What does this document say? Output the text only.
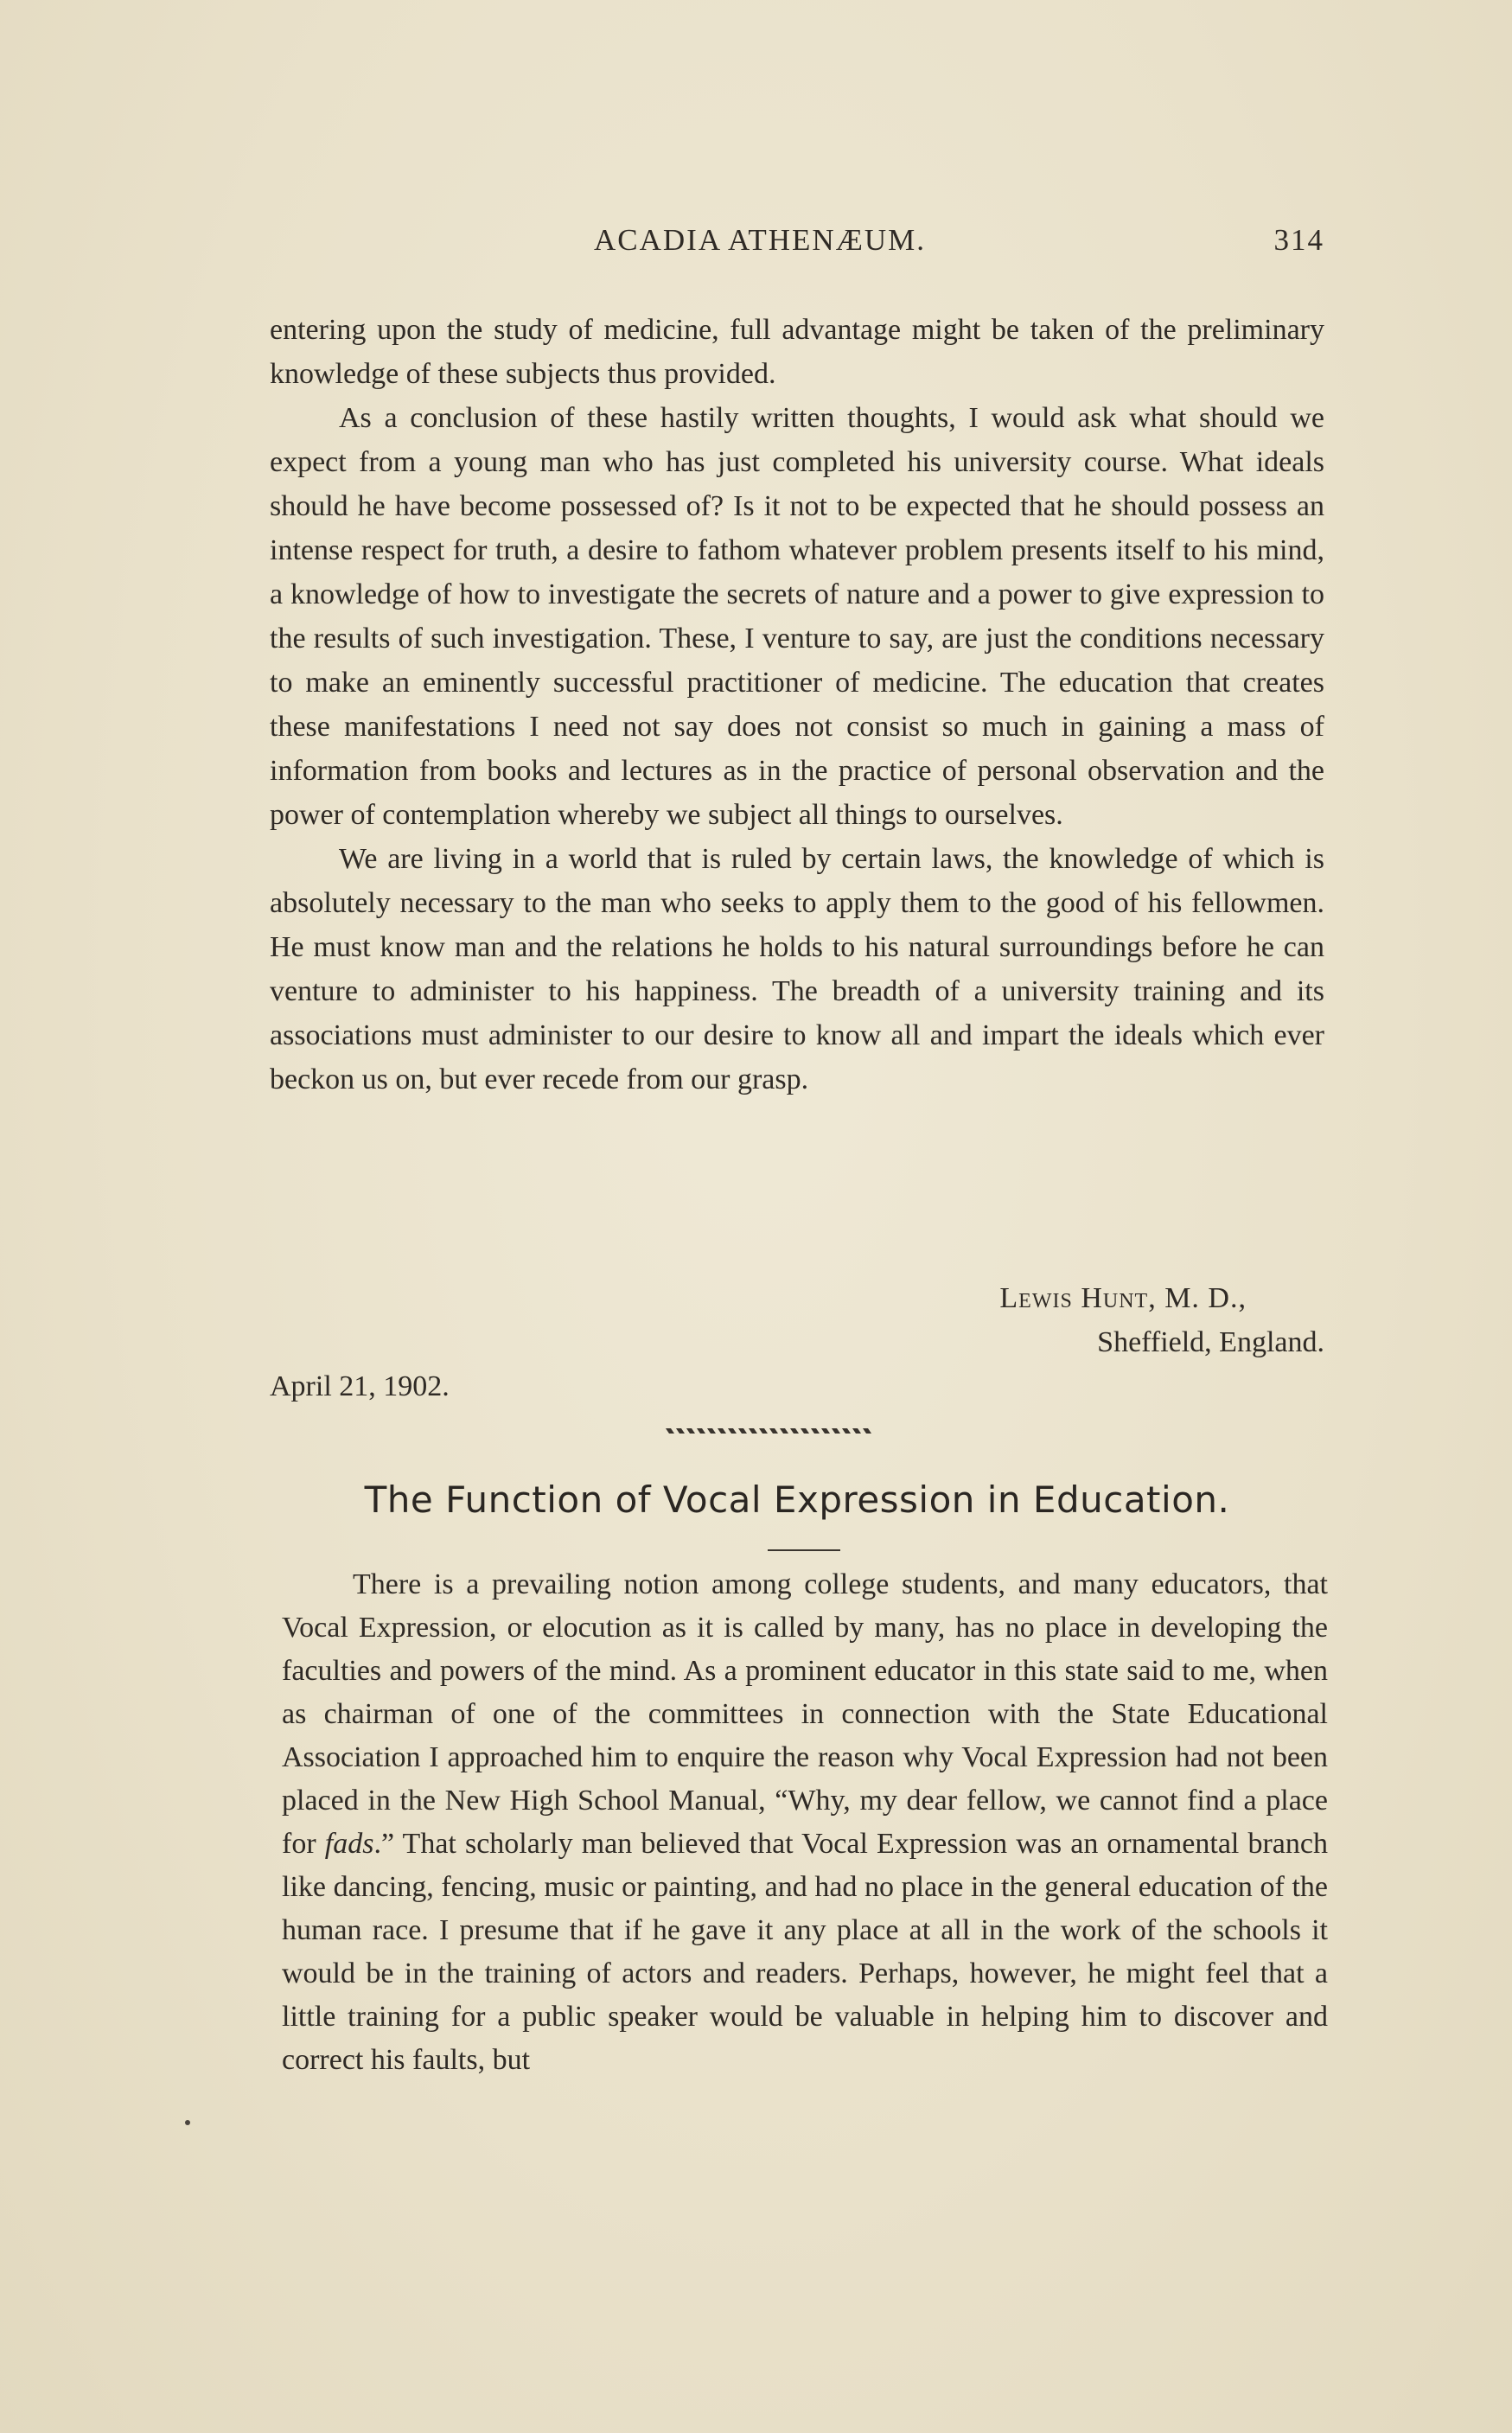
ACADIA ATHENÆUM.	314

entering upon the study of medicine, full advantage might be taken of the preliminary knowledge of these subjects thus provided.

As a conclusion of these hastily written thoughts, I would ask what should we expect from a young man who has just completed his university course. What ideals should he have become possessed of? Is it not to be expected that he should possess an intense respect for truth, a desire to fathom whatever problem presents itself to his mind, a knowledge of how to investigate the secrets of nature and a power to give expression to the results of such investigation. These, I venture to say, are just the conditions necessary to make an eminently successful practitioner of medicine. The education that creates these manifestations I need not say does not consist so much in gaining a mass of information from books and lectures as in the practice of personal observation and the power of contemplation whereby we subject all things to ourselves.

We are living in a world that is ruled by certain laws, the knowledge of which is absolutely necessary to the man who seeks to apply them to the good of his fellowmen. He must know man and the relations he holds to his natural surroundings before he can venture to administer to his happiness. The breadth of a university training and its associations must administer to our desire to know all and impart the ideals which ever beckon us on, but ever recede from our grasp.

Lewis Hunt, M. D.,
Sheffield, England.
April 21, 1902.
The Function of Vocal Expression in Education.

There is a prevailing notion among college students, and many educators, that Vocal Expression, or elocution as it is called by many, has no place in developing the faculties and powers of the mind. As a prominent educator in this state said to me, when as chairman of one of the committees in connection with the State Educational Association I approached him to enquire the reason why Vocal Expression had not been placed in the New High School Manual, “Why, my dear fellow, we cannot find a place for fads.” That scholarly man believed that Vocal Expression was an ornamental branch like dancing, fencing, music or painting, and had no place in the general education of the human race. I presume that if he gave it any place at all in the work of the schools it would be in the training of actors and readers. Perhaps, however, he might feel that a little training for a public speaker would be valuable in helping him to discover and correct his faults, but
